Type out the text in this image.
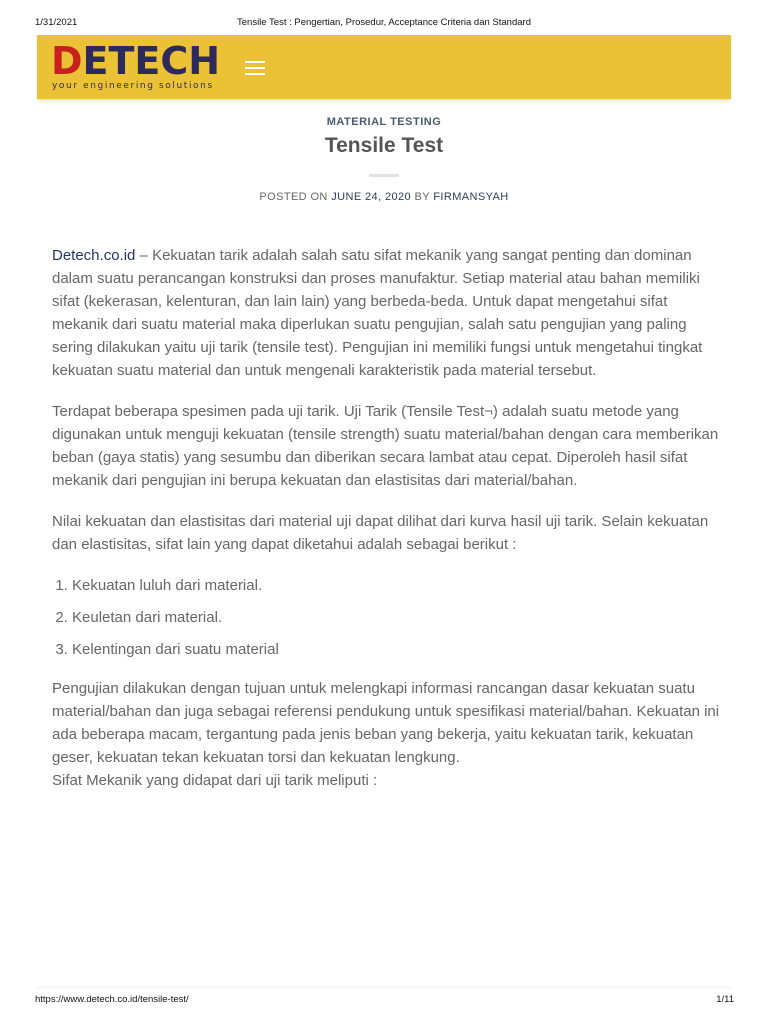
1/31/2021	Tensile Test : Pengertian, Prosedur, Acceptance Criteria dan Standard
DETECH
your engineering solutions
MATERIAL TESTING
Tensile Test
POSTED ON JUNE 24, 2020 BY FIRMANSYAH

Detech.co.id – Kekuatan tarik adalah salah satu sifat mekanik yang sangat penting dan dominan dalam suatu perancangan konstruksi dan proses manufaktur. Setiap material atau bahan memiliki sifat (kekerasan, kelenturan, dan lain lain) yang berbeda-beda. Untuk dapat mengetahui sifat mekanik dari suatu material maka diperlukan suatu pengujian, salah satu pengujian yang paling sering dilakukan yaitu uji tarik (tensile test). Pengujian ini memiliki fungsi untuk mengetahui tingkat kekuatan suatu material dan untuk mengenali karakteristik pada material tersebut.

Terdapat beberapa spesimen pada uji tarik. Uji Tarik (Tensile Test¬) adalah suatu metode yang digunakan untuk menguji kekuatan (tensile strength) suatu material/bahan dengan cara memberikan beban (gaya statis) yang sesumbu dan diberikan secara lambat atau cepat. Diperoleh hasil sifat mekanik dari pengujian ini berupa kekuatan dan elastisitas dari material/bahan.

Nilai kekuatan dan elastisitas dari material uji dapat dilihat dari kurva hasil uji tarik. Selain kekuatan dan elastisitas, sifat lain yang dapat diketahui adalah sebagai berikut :

1. Kekuatan luluh dari material.
2. Keuletan dari material.
3. Kelentingan dari suatu material

Pengujian dilakukan dengan tujuan untuk melengkapi informasi rancangan dasar kekuatan suatu material/bahan dan juga sebagai referensi pendukung untuk spesifikasi material/bahan. Kekuatan ini ada beberapa macam, tergantung pada jenis beban yang bekerja, yaitu kekuatan tarik, kekuatan geser, kekuatan tekan kekuatan torsi dan kekuatan lengkung.
Sifat Mekanik yang didapat dari uji tarik meliputi :

https://www.detech.co.id/tensile-test/	1/11
